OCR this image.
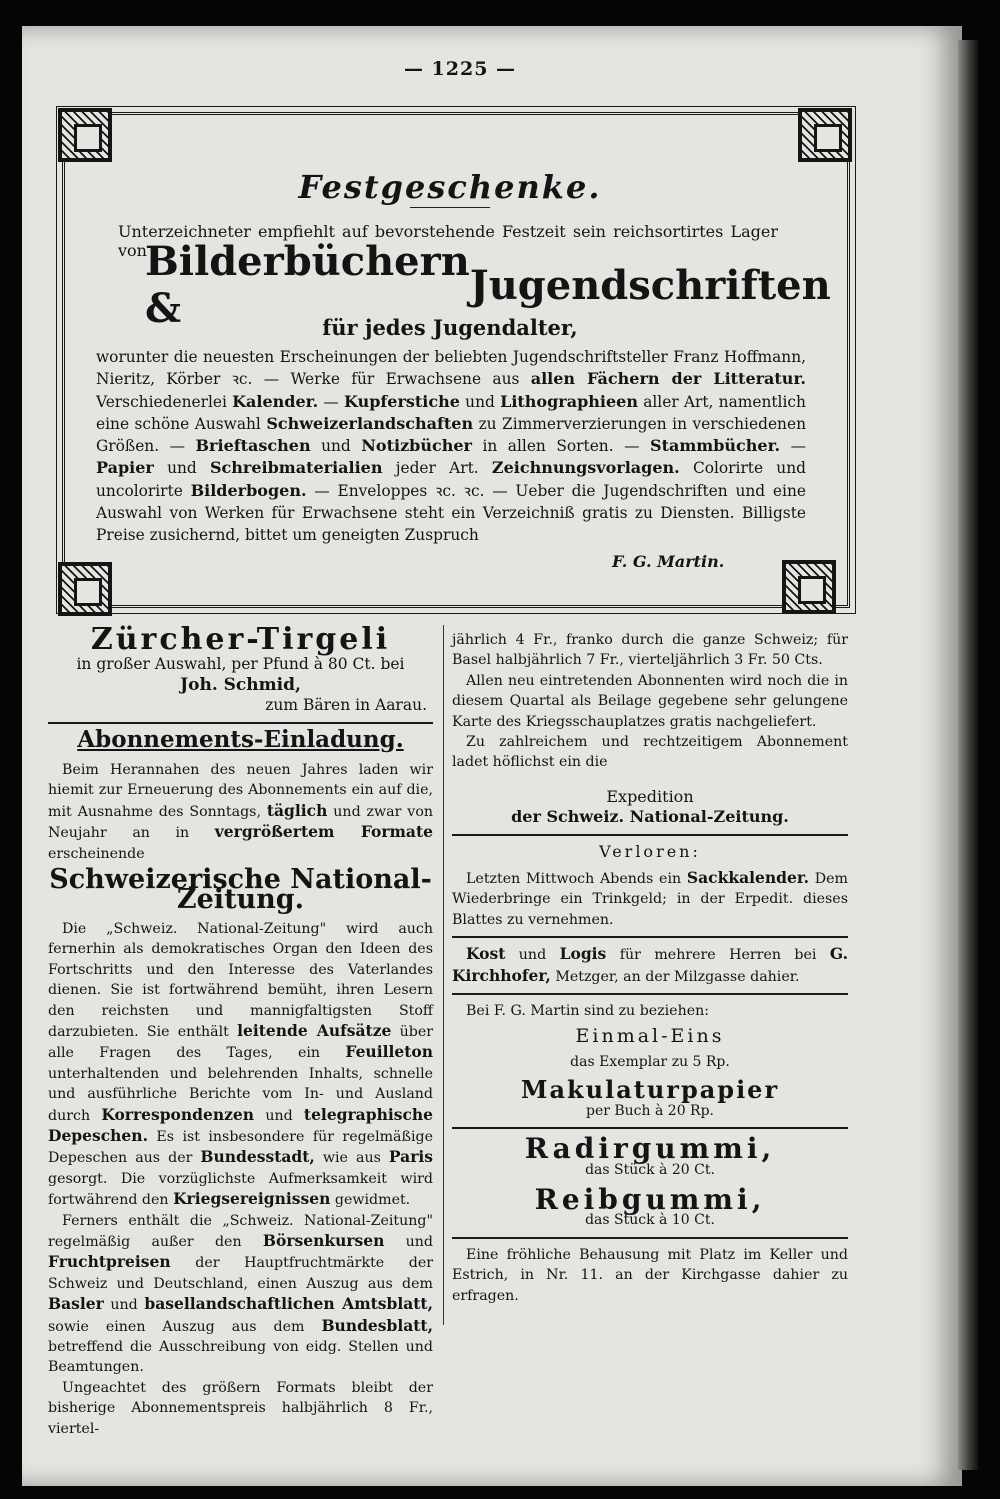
— 1225 —
Festgeschenke.
Unterzeichneter empfiehlt auf bevorstehende Festzeit sein reichsortirtes Lager von
Bilderbüchern &	Jugendschriften
für jedes Jugendalter,
worunter die neuesten Erscheinungen der beliebten Jugendschriftsteller Franz Hoffmann, Nieritz, Körber ꝛc. — Werke für Erwachsene aus allen Fächern der Litteratur. Verschiedenerlei Kalender. — Kupferstiche und Lithographieen aller Art, namentlich eine schöne Auswahl Schweizerlandschaften zu Zimmerverzierungen in verschiedenen Größen. — Brieftaschen und Notizbücher in allen Sorten. — Stammbücher. — Papier und Schreibmaterialien jeder Art. Zeichnungsvorlagen. Colorirte und uncolorirte Bilderbogen. — Enveloppes ꝛc. ꝛc. — Ueber die Jugendschriften und eine Auswahl von Werken für Erwachsene steht ein Verzeichniß gratis zu Diensten. Billigste Preise zusichernd, bittet um geneigten Zuspruch
F. G. Martin.
Zürcher-Tirgeli
in großer Auswahl, per Pfund à 80 Ct. bei
Joh. Schmid,
zum Bären in Aarau.
Abonnements-Einladung.

Beim Herannahen des neuen Jahres laden wir hiemit zur Erneuerung des Abonnements ein auf die, mit Ausnahme des Sonntags, täglich und zwar von Neujahr an in vergrößertem Formate erscheinende

Schweizerische National-Zeitung.

Die „Schweiz. National-Zeitung" wird auch fernerhin als demokratisches Organ den Ideen des Fortschritts und den Interesse des Vaterlandes dienen. Sie ist fortwährend bemüht, ihren Lesern den reichsten und mannigfaltigsten Stoff darzubieten. Sie enthält leitende Aufsätze über alle Fragen des Tages, ein Feuilleton unterhaltenden und belehrenden Inhalts, schnelle und ausführliche Berichte vom In- und Ausland durch Korrespondenzen und telegraphische Depeschen. Es ist insbesondere für regelmäßige Depeschen aus der Bundesstadt, wie aus Paris gesorgt. Die vorzüglichste Aufmerksamkeit wird fortwährend den Kriegsereignissen gewidmet.

Ferners enthält die „Schweiz. National-Zeitung" regelmäßig außer den Börsenkursen und Fruchtpreisen der Hauptfruchtmärkte der Schweiz und Deutschland, einen Auszug aus dem Basler und basellandschaftlichen Amtsblatt, sowie einen Auszug aus dem Bundesblatt, betreffend die Ausschreibung von eidg. Stellen und Beamtungen.

Ungeachtet des größern Formats bleibt der bisherige Abonnementspreis halbjährlich 8 Fr., viertel-

jährlich 4 Fr., franko durch die ganze Schweiz; für Basel halbjährlich 7 Fr., vierteljährlich 3 Fr. 50 Cts.

Allen neu eintretenden Abonnenten wird noch die in diesem Quartal als Beilage gegebene sehr gelungene Karte des Kriegsschauplatzes gratis nachgeliefert.

Zu zahlreichem und rechtzeitigem Abonnement ladet höflichst ein die

Expedition
der Schweiz. National-Zeitung.
Verloren:

Letzten Mittwoch Abends ein Sackkalender. Dem Wiederbringe ein Trinkgeld; in der Erpedit. dieses Blattes zu vernehmen.

Kost und Logis für mehrere Herren bei G. Kirchhofer, Metzger, an der Milzgasse dahier.

Bei F. G. Martin sind zu beziehen:

Einmal-Eins
das Exemplar zu 5 Rp.
Makulaturpapier
per Buch à 20 Rp.
Radirgummi,
das Stück à 20 Ct.
Reibgummi,
das Stück à 10 Ct.

Eine fröhliche Behausung mit Platz im Keller und Estrich, in Nr. 11. an der Kirchgasse dahier zu erfragen.
